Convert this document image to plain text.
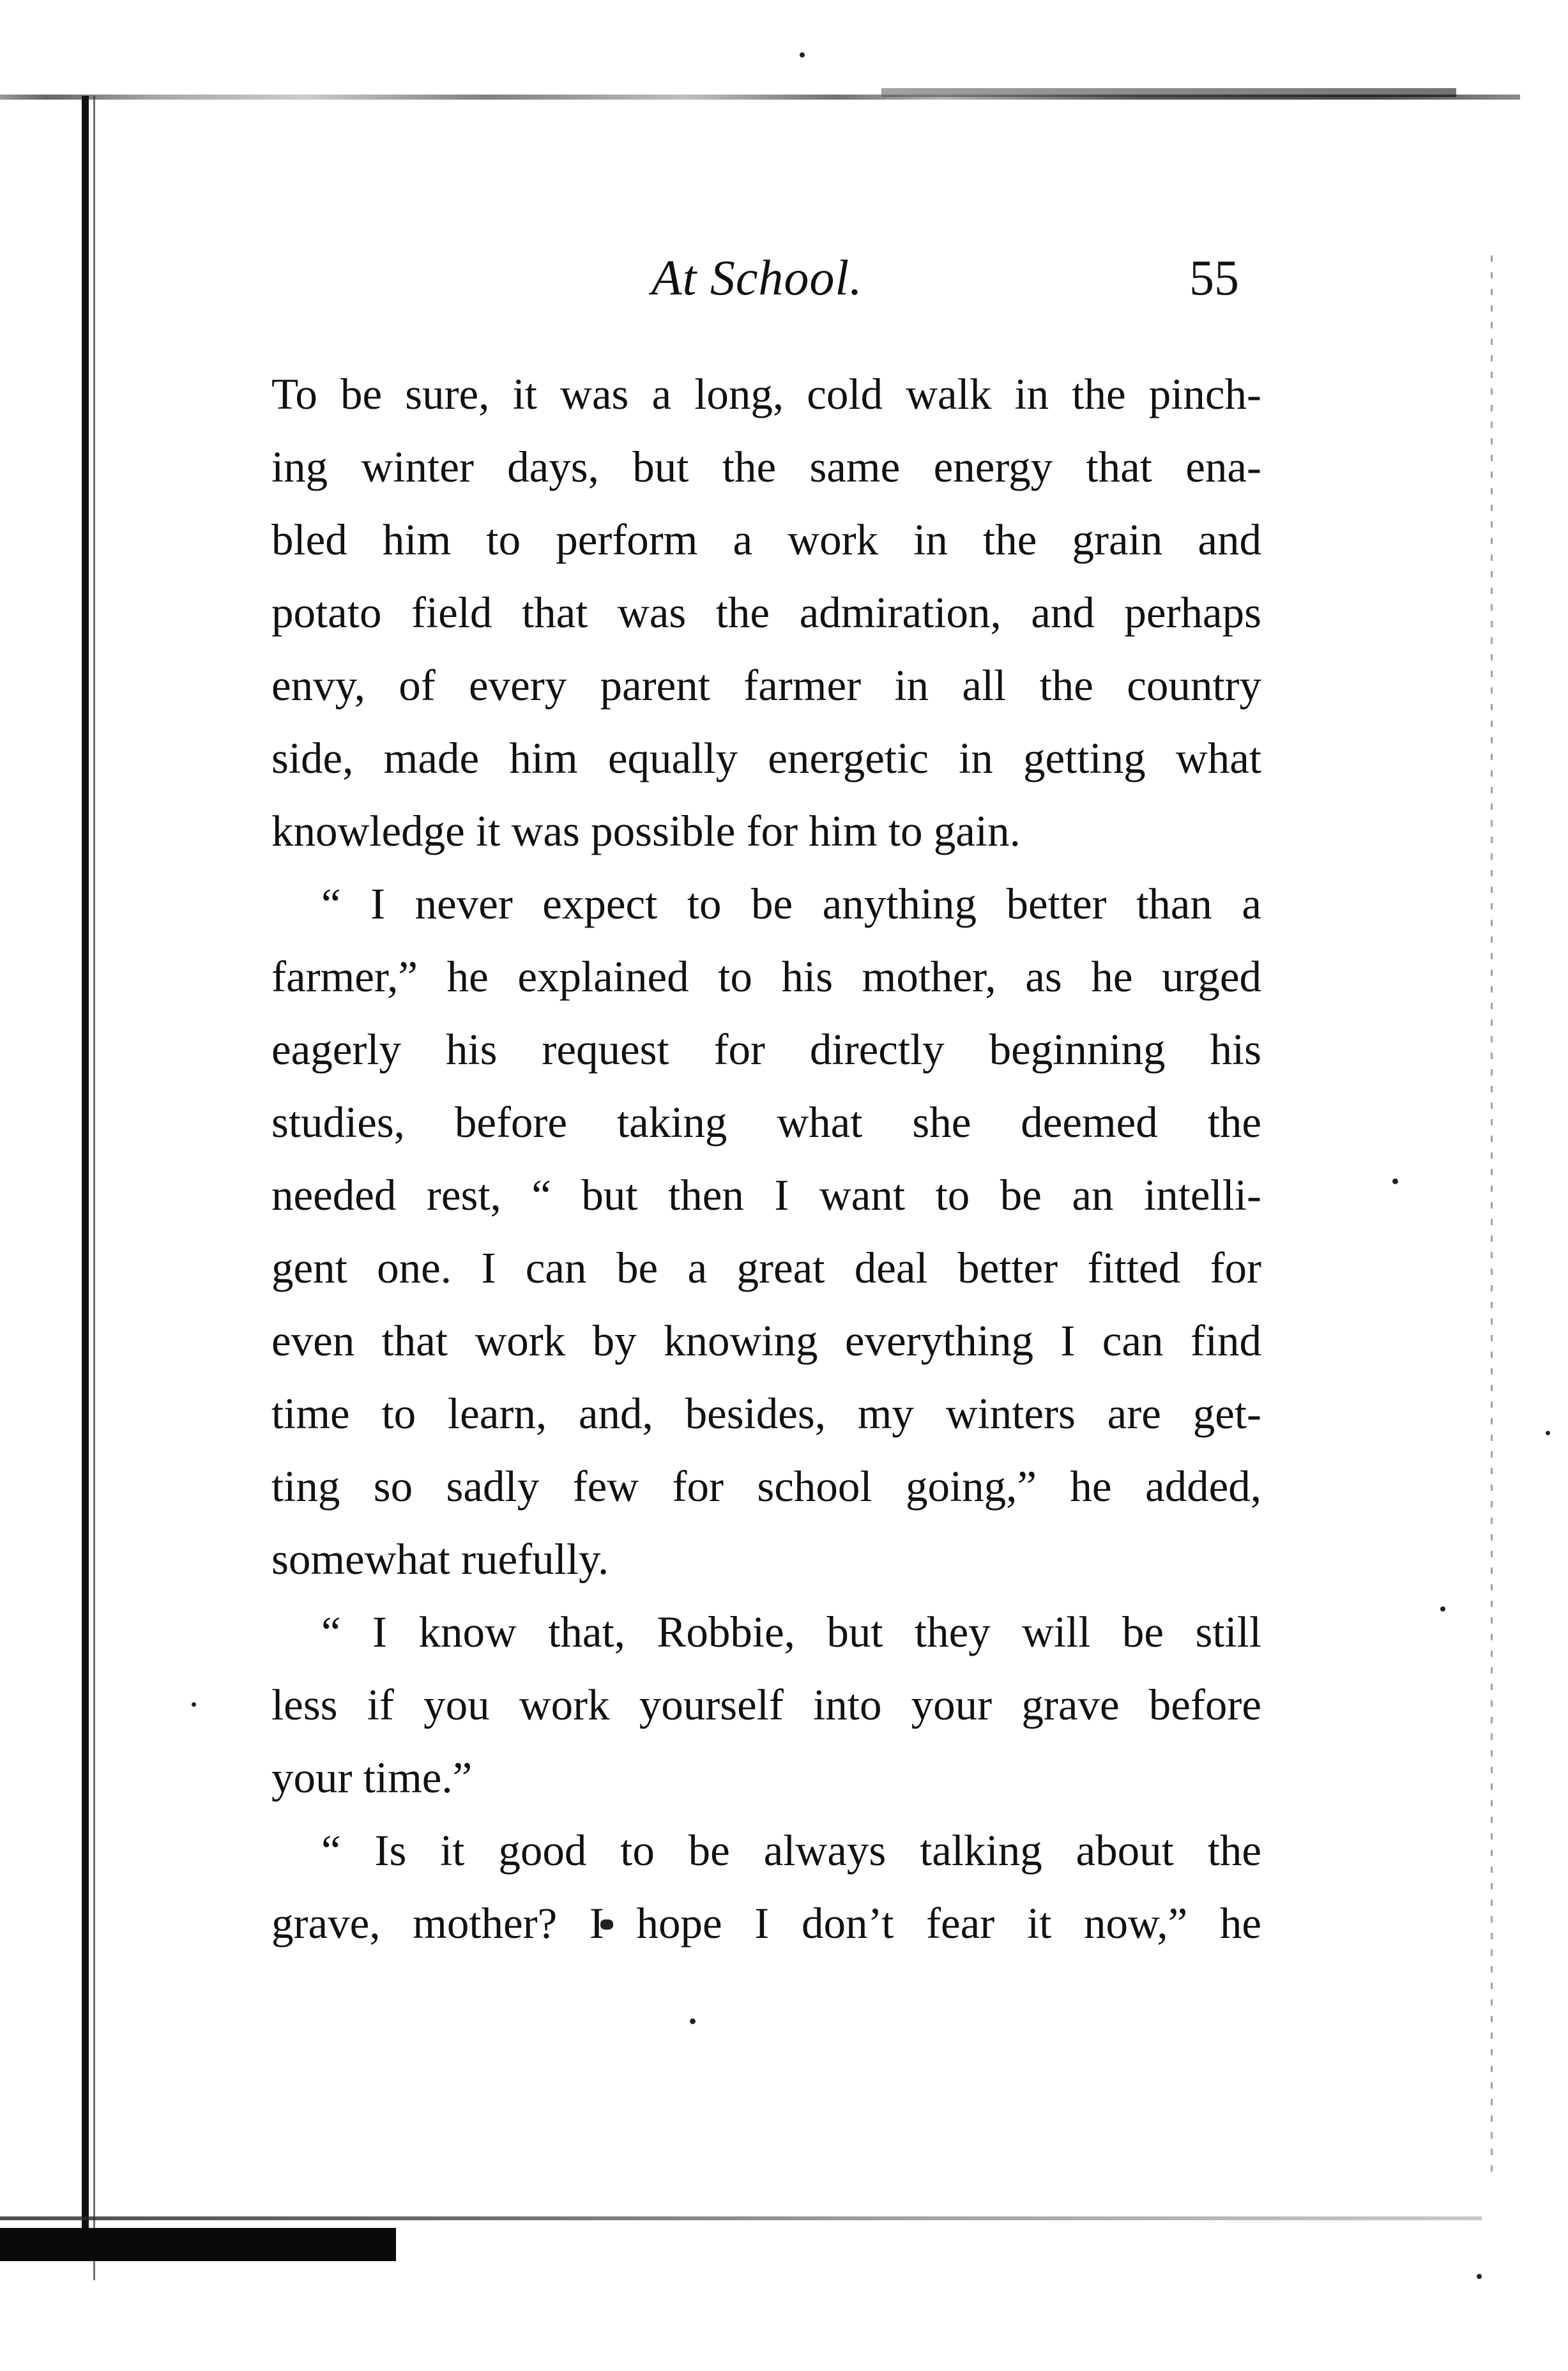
At School.	55
To be sure, it was a long, cold walk in the pinch-
ing winter days, but the same energy that ena-
bled him to perform a work in the grain and
potato field that was the admiration, and perhaps
envy, of every parent farmer in all the country
side, made him equally energetic in getting what
knowledge it was possible for him to gain.
“ I never expect to be anything better than a
farmer,” he explained to his mother, as he urged
eagerly his request for directly beginning his
studies, before taking what she deemed the
needed rest, “ but then I want to be an intelli-
gent one. I can be a great deal better fitted for
even that work by knowing everything I can find
time to learn, and, besides, my winters are get-
ting so sadly few for school going,” he added,
somewhat ruefully.
“ I know that, Robbie, but they will be still
less if you work yourself into your grave before
your time.”
“ Is it good to be always talking about the
grave, mother? I hope I don’t fear it now,” he
